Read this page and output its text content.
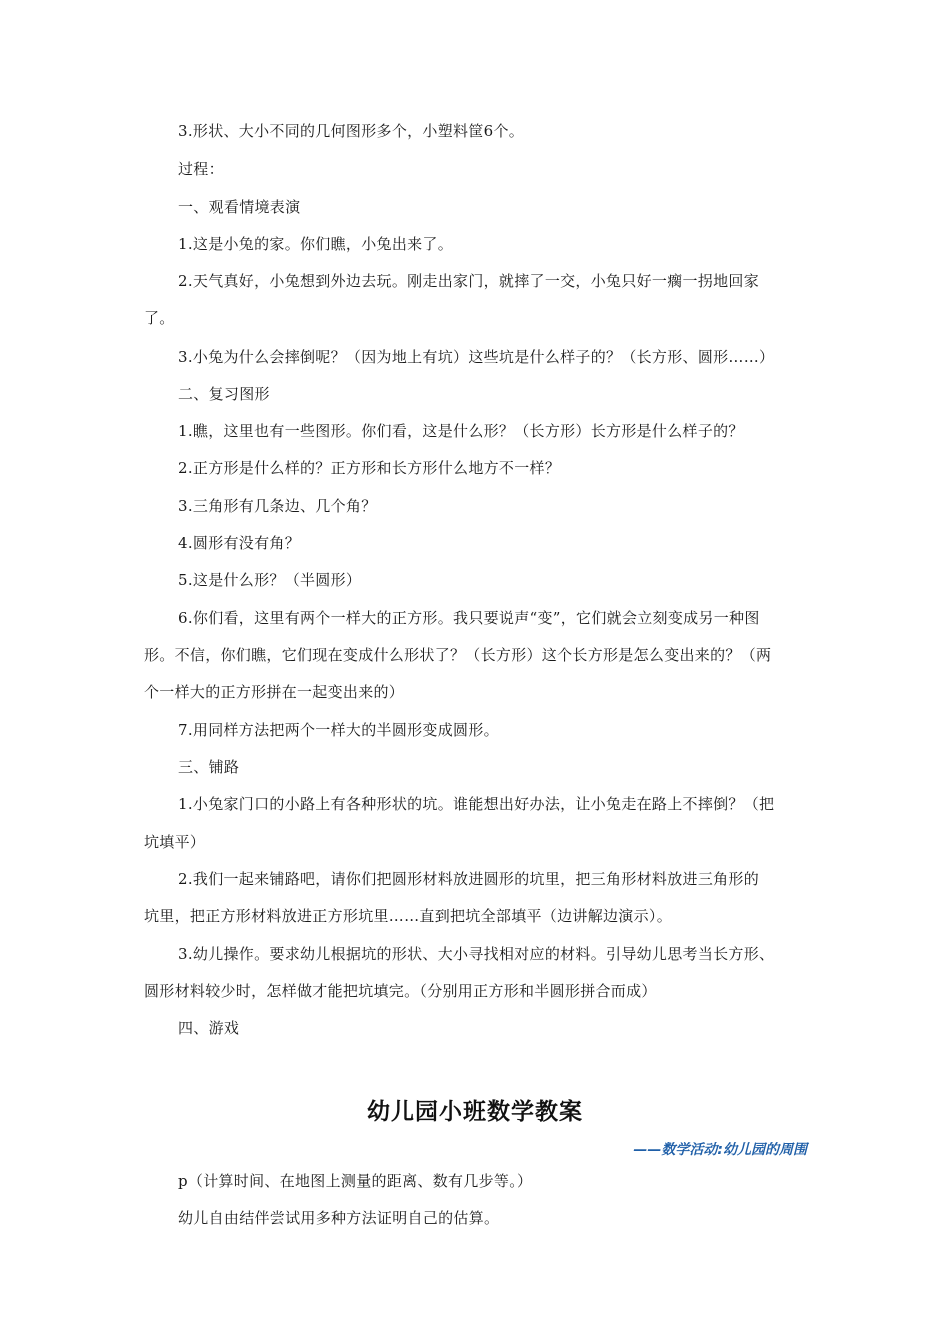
3.形状、大小不同的几何图形多个，小塑料筐6个。
过程：
一、观看情境表演
1.这是小兔的家。你们瞧，小兔出来了。
2.天气真好，小兔想到外边去玩。刚走出家门，就摔了一交，小兔只好一瘸一拐地回家
了。
3.小兔为什么会摔倒呢？（因为地上有坑）这些坑是什么样子的？（长方形、圆形……）
二、复习图形
1.瞧，这里也有一些图形。你们看，这是什么形？（长方形）长方形是什么样子的？
2.正方形是什么样的？正方形和长方形什么地方不一样？
3.三角形有几条边、几个角？
4.圆形有没有角？
5.这是什么形？（半圆形）
6.你们看，这里有两个一样大的正方形。我只要说声“变”，它们就会立刻变成另一种图
形。不信，你们瞧，它们现在变成什么形状了？（长方形）这个长方形是怎么变出来的？（两
个一样大的正方形拼在一起变出来的）
7.用同样方法把两个一样大的半圆形变成圆形。
三、铺路
1.小兔家门口的小路上有各种形状的坑。谁能想出好办法，让小兔走在路上不摔倒？（把
坑填平）
2.我们一起来铺路吧，请你们把圆形材料放进圆形的坑里，把三角形材料放进三角形的
坑里，把正方形材料放进正方形坑里……直到把坑全部填平（边讲解边演示）。
3.幼儿操作。要求幼儿根据坑的形状、大小寻找相对应的材料。引导幼儿思考当长方形、
圆形材料较少时，怎样做才能把坑填完。（分别用正方形和半圆形拼合而成）
四、游戏
幼儿园小班数学教案
——数学活动:幼儿园的周围
p（计算时间、在地图上测量的距离、数有几步等。）
幼儿自由结伴尝试用多种方法证明自己的估算。
